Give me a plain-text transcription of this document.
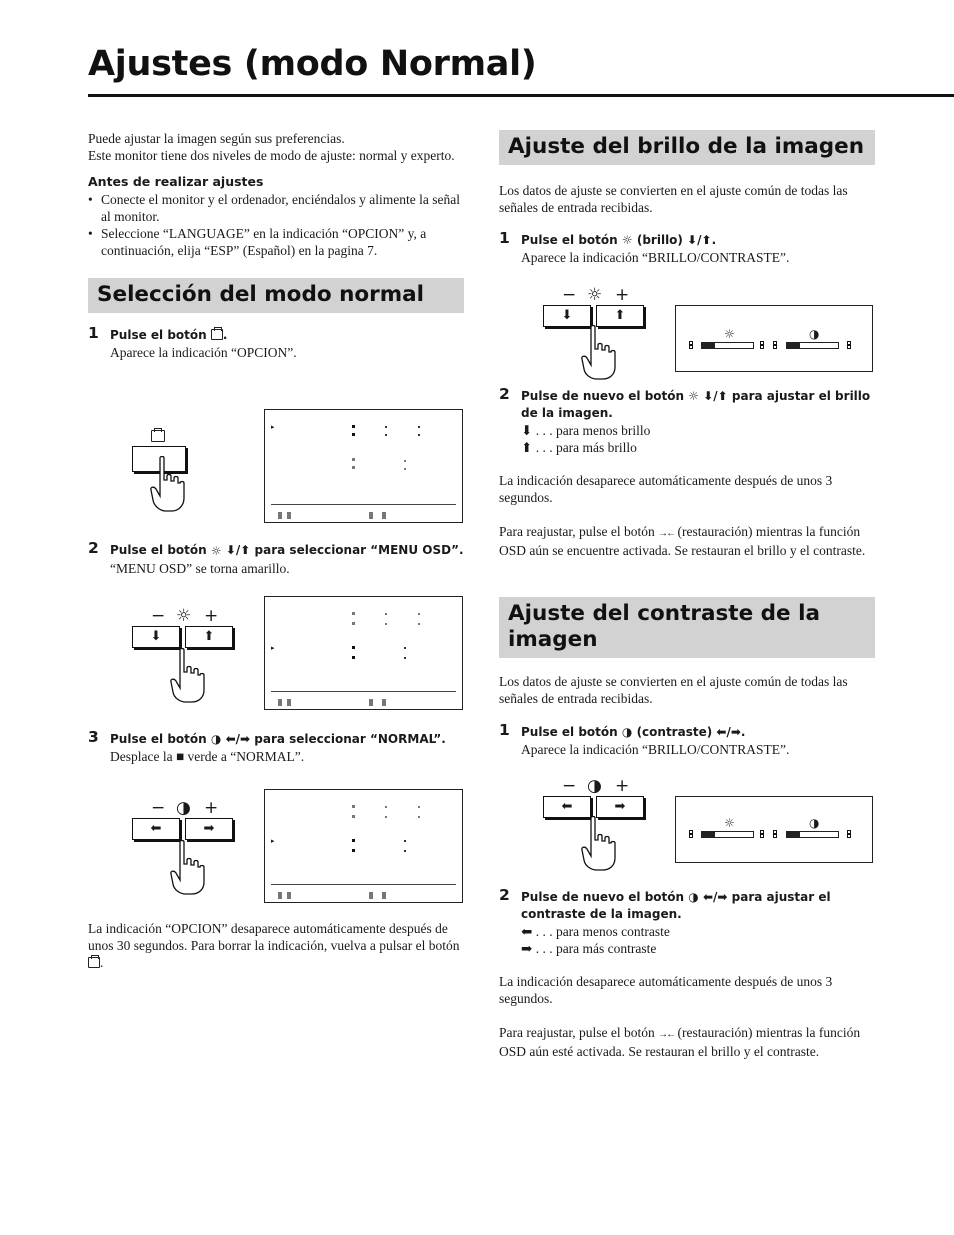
Ajustes (modo Normal)

Puede ajustar la imagen según sus preferencias.

Este monitor tiene dos niveles de modo de ajuste: normal y experto.

Antes de realizar ajustes
• Conecte el monitor y el ordenador, enciéndalos y alimente la señal al monitor.
• Seleccione “LANGUAGE” en la indicación “OPCION” y, a continuación, elija “ESP” (Español) en la pagina 7.
Selección del modo normal
1 Pulse el botón .
Aparece la indicación “OPCION”.
▸
2 Pulse el botón ☼ ⬇/⬆ para seleccionar “MENU OSD”.
“MENU OSD” se torna amarillo.
− ☼ +
⬇	⬆
▸
3 Pulse el botón ◑ ⬅/➡ para seleccionar “NORMAL”.
Desplace la ■ verde a “NORMAL”.
− ◑ +
⬅	➡
▸

La indicación “OPCION” desaparece automáticamente después de unos 30 segundos. Para borrar la indicación, vuelva a pulsar el botón .

Ajuste del brillo de la imagen

Los datos de ajuste se convierten en el ajuste común de todas las señales de entrada recibidas.

1 Pulse el botón ☼ (brillo) ⬇/⬆.
Aparece la indicación “BRILLO/CONTRASTE”.
− ☼ +
⬇	⬆
☼	◑
2 Pulse de nuevo el botón ☼ ⬇/⬆ para ajustar el brillo de la imagen.
⬇ . . . para menos brillo
⬆ . . . para más brillo

La indicación desaparece automáticamente después de unos 3 segundos.

Para reajustar, pulse el botón →← (restauración) mientras la función OSD aún se encuentre activada. Se restauran el brillo y el contraste.

Ajuste del contraste de la imagen

Los datos de ajuste se convierten en el ajuste común de todas las señales de entrada recibidas.

1 Pulse el botón ◑ (contraste) ⬅/➡.
Aparece la indicación “BRILLO/CONTRASTE”.
− ◑ +
⬅	➡
☼	◑
2 Pulse de nuevo el botón ◑ ⬅/➡ para ajustar el contraste de la imagen.
⬅ . . . para menos contraste
➡ . . . para más contraste

La indicación desaparece automáticamente después de unos 3 segundos.

Para reajustar, pulse el botón →← (restauración) mientras la función OSD aún esté activada. Se restauran el brillo y el contraste.
